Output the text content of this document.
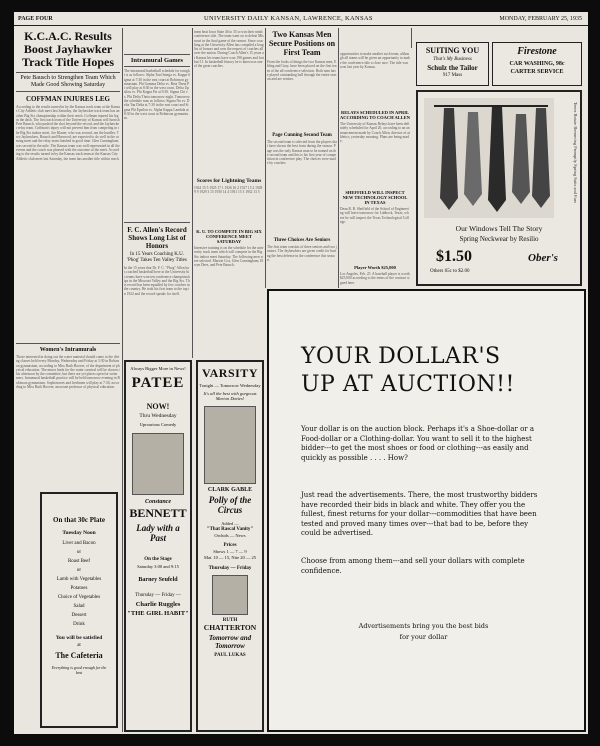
PAGE FOUR	UNIVERSITY DAILY KANSAN, LAWRENCE, KANSAS	MONDAY, FEBRUARY 25, 1935
K.C.A.C. Results Boost Jayhawker Track Title Hopes
Pete Bausch to Strengthen Team Which Made Good Showing Saturday
COFFMAN INJURES LEG
According to the results turned in by the Kansas track team at the Kansas City Athletic club meet last Saturday, the Jayhawker track team has another Big Six championship within their reach. Coffman injured his leg in the dash. The first track team of the University of Kansas will furnish Pete Bausch, who pushed the shot beyond the record, and the Jayhawker relay team. Coffman's injury will not prevent him from competing in the Big Six indoor meet. Joe Klaner, who was second, ran the hurdles. Two Jayhawkers, Bausch and Harwood, are expected to do well in the coming meet and the relay team finished in good time. Glen Cunningham was second in the mile. The Kansas team was well represented in all the events and the coach was pleased with the outcome of the meet. According to the results turned in by the Kansas track team at the Kansas City Athletic club meet last Saturday, the team has another title within reach.
Women's Intramurals
Those interested in doing out the water material should come to the diving classes held every Monday, Wednesday and Friday at 3:30 in Robinson gymnasium, according to Miss Ruth Hoover, of the department of physical education. The minor leads for the water carnival will be chosen this afternoon by the committee, but there are yet places open for swimmers. Intramural basketball practice will be held tomorrow evening in Robinson gymnasium. Sophomores and freshmen will play at 7:30, according to Miss Ruth Hoover, associate professor of physical education.
On that 30c Plate
Tuesday Noon
Liver and Bacon
or
Roast Beef
or
Lamb with Vegetables
Potatoes
Choice of Vegetables
Salad
Dessert
Drink
You will be satisfied
at
The Cafeteria
Everything is good enough for the best
Intramural Games
The intramural basketball schedule for tonight is as follows: Alpha Tau Omega vs. Kappa Sigma at 7:30 in the east court at Robinson gymnasium. Phi Gamma Delta vs. Beta Theta Pi will play at 8:30 in the west court. Delta Upsilon vs. Phi Kappa Psi at 9:30. Sigma Chi vs. Phi Delta Theta tomorrow night. Tomorrow the schedule runs as follows: Sigma Nu vs. Delta Tau Delta at 7:30 in the east court and Sigma Phi Epsilon vs. Alpha Kappa Lambda at 8:30 in the west court at Robinson gymnasium.
F. C. Allen's Record Shows Long List of Honors
In 15 Years Coaching K.U. 'Phog' Takes Ten Valley Titles
In the 15 years that Dr. F. C. "Phog" Allen has coached basketball here at the University his teams have won ten conference championships in the Missouri Valley and the Big Six. This record has been equalled by few coaches in the country. He took his first team to the top in 1922 and the record speaks for itself.
team beat Iowa State 46 to 35 to win their ninth conference title. The team went on to defeat Missouri in the final game of the season. Since coaching at the University Allen has compiled a long list of honors and won the respect of coaches all over the nation. During Coach Allen's 15 years at Kansas his teams have won 190 games and lost but 51. In basketball history he is known as one of the great coaches.
Scores for Lightning Teams
1924 15 5 1925 17 1 1926 16 2 1927 15 2 1928 9 9 1929 3 15 1930 14 4 1931 15 3 1932 13 5
K. U. TO COMPETE IN BIG SIX CONFERENCE MEET SATURDAY
Intensive training is on the schedule for the university track team which will compete in the Big Six indoor meet Saturday. The following men were selected. Marvin Cox, Glen Cunningham, Elwyn Dees, and Pete Bausch.
Two Kansas Men Secure Positions on First Team
From the looks of things the two Kansas men, Ebling and Gray, have been placed on the first team of the all-conference selection. Both men have played outstanding ball through the entire season and are seniors.
Page Cunning Second Team
The second team is selected from the players that have shown the best form during the season. Page was the only Kansas man to be named on the second team and this is his first year of competition in conference play. The choices were made by coaches.
Three Choices Are Seniors
The first team consists of three seniors and two juniors. The Jayhawkers are given credit for having the best defense in the conference this season.
opportunities to make another such team, although all teams will be given an opportunity to make the conference title a close race. The title was won last year by Kansas.
RELAYS SCHEDULED IN APRIL ACCORDING TO COACH ALLEN
The University of Kansas Relays have been definitely scheduled for April 20, according to an announcement made by Coach Allen, director of athletics, yesterday morning. Plans are being made.
SHEFFIELD WILL INSPECT NEW TECHNOLOGY SCHOOL IN TEXAS
Dean R. B. Sheffield of the School of Engineering will leave tomorrow for Lubbock, Texas, where he will inspect the Texas Technological College.
Player Worth $25,000
Los Angeles, Feb. 25. A baseball player is worth $25,000 according to the terms of the contract signed here.
SUITING YOU
That's My Business
Schulz the Tailor
917 Mass
Firestone
CAR WASHING, 98c
CARTER SERVICE
Teens Rotate Removing Promptly Spring Suits and Furs
Our Windows Tell The Story
Spring Neckwear by Resilio
$1.50
Others 65c to $2.00
Ober's
Always Bigger More in News!
PATEE
NOW!
Thru Wednesday
Uproarious Comedy
Constance
BENNETT
Lady with a Past
On the Stage
Saturday 3:00 and 9:15
Barney Seufeld
Thursday — Friday —
Charlie Ruggles
"THE GIRL HABIT"
VARSITY
Tonight — Tomorrow Wednesday
It's all the best with gorgeous Marion Davies!
CLARK GABLE
Polly of the Circus
Added —
"That Rascal Vanity"
Orchids — News
Prices
Shows 1 — 7 — 9
Mat. 10 — 15, Nite 20 — 25
Thursday — Friday
RUTH
CHATTERTON
Tomorrow and Tomorrow
PAUL LUKAS
YOUR DOLLAR'S
UP AT AUCTION!!
Your dollar is on the auction block. Perhaps it's a Shoe-dollar or a Food-dollar or a Clothing-dollar. You want to sell it to the highest bidder---to get the most shoes or food or clothing---as easily and quickly as possible . . . . How?
Just read the advertisements. There, the most trustworthy bidders have recorded their bids in black and white. They offer you the fullest, finest returns for your dollar---commodities that have been tested and proved many times over---that bad to be, before they could be advertised.
Choose from among them---and sell your dollars with complete confidence.
Advertisements bring you the best bids
for your dollar
